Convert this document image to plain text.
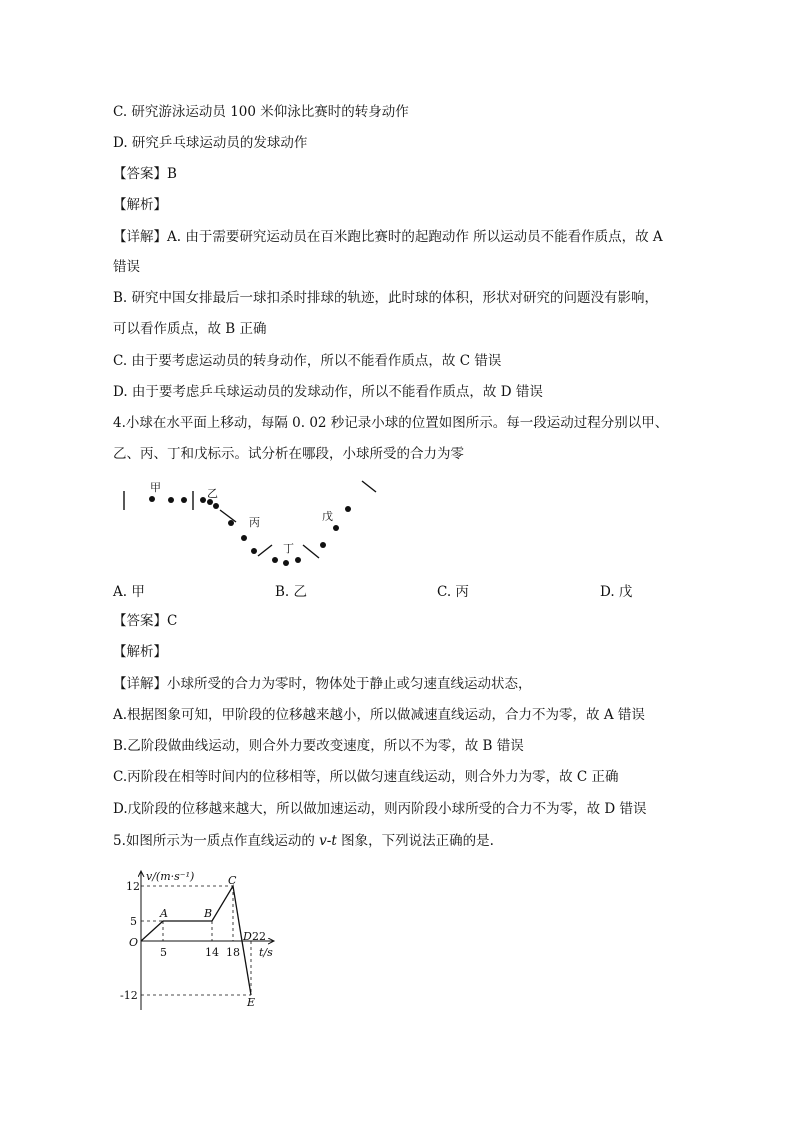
C. 研究游泳运动员 100 米仰泳比赛时的转身动作
D. 研究乒乓球运动员的发球动作
【答案】B
【解析】
【详解】A. 由于需要研究运动员在百米跑比赛时的起跑动作 所以运动员不能看作质点，故 A
错误
B. 研究中国女排最后一球扣杀时排球的轨迹，此时球的体积，形状对研究的问题没有影响，
可以看作质点，故 B 正确
C. 由于要考虑运动员的转身动作，所以不能看作质点，故 C 错误
D. 由于要考虑乒乓球运动员的发球动作，所以不能看作质点，故 D 错误
4.小球在水平面上移动，每隔 0. 02 秒记录小球的位置如图所示。每一段运动过程分别以甲、
乙、丙、丁和戊标示。试分析在哪段，小球所受的合力为零
A. 甲	B. 乙	C. 丙	D. 戊
【答案】C
【解析】
【详解】小球所受的合力为零时，物体处于静止或匀速直线运动状态，
A.根据图象可知，甲阶段的位移越来越小，所以做减速直线运动，合力不为零，故 A 错误
B.乙阶段做曲线运动，则合外力要改变速度，所以不为零，故 B 错误
C.丙阶段在相等时间内的位移相等，所以做匀速直线运动，则合外力为零，故 C 正确
D.戊阶段的位移越来越大，所以做加速运动，则丙阶段小球所受的合力不为零，故 D 错误
5.如图所示为一质点作直线运动的 v-t 图象，下列说法正确的是.
甲	乙
丙
丁
戊
v/(m·s⁻¹)
t/s
O
12
5
-12
5	14 18
22
A	B
C
D
E
